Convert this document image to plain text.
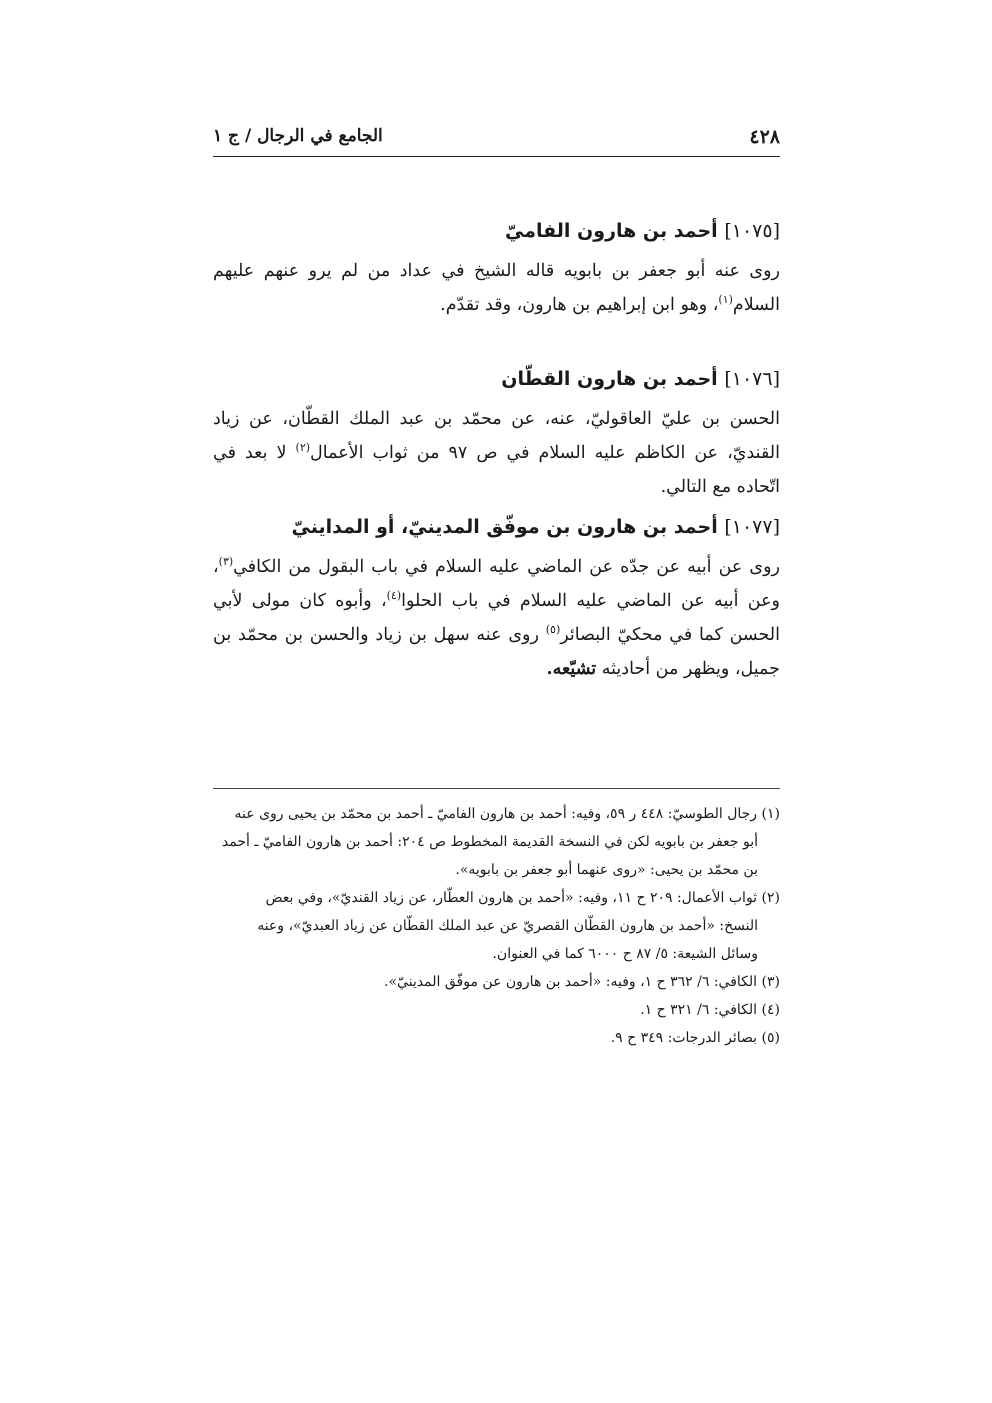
٤٢٨
الجامع في الرجال / ج ١
[١٠٧٥] أحمد بن هارون الفاميّ

روى عنه أبو جعفر بن بابويه قاله الشيخ في عداد من لم يرو عنهم عليهم السلام$^{(١)}$، وهو ابن إبراهيم بن هارون، وقد تقدّم.

[١٠٧٦] أحمد بن هارون القطّان

الحسن بن عليّ العاقوليّ، عنه، عن محمّد بن عبد الملك القطّان، عن زياد القنديّ، عن الكاظم عليه السلام في ص ٩٧ من ثواب الأعمال$^{(٢)}$ لا بعد في اتّحاده مع التالي.

[١٠٧٧] أحمد بن هارون بن موفّق المدينيّ، أو المداينيّ

روى عن أبيه عن جدّه عن الماضي عليه السلام في باب البقول من الكافي$^{(٣)}$، وعن أبيه عن الماضي عليه السلام في باب الحلوا$^{(٤)}$، وأبوه كان مولى لأبي الحسن كما في محكيّ البصائر$^{(٥)}$ روى عنه سهل بن زياد والحسن بن محمّد بن جميل، ويظهر من أحاديثه تشيّعه.

(١) رجال الطوسيّ: ٤٤٨ ر ٥٩، وفيه: أحمد بن هارون الفاميّ ـ أحمد بن محمّد بن يحيى روى عنه
أبو جعفر بن بابويه لكن في النسخة القديمة المخطوط ص ٢٠٤: أحمد بن هارون الفاميّ ـ أحمد
بن محمّد بن يحيى: «روى عنهما أبو جعفر بن بابويه».

(٢) ثواب الأعمال: ٢٠٩ ح ١١، وفيه: «أحمد بن هارون العطّار، عن زياد القنديّ»، وفي بعض
النسخ: «أحمد بن هارون القطّان القصريّ عن عبد الملك القطّان عن زياد العبديّ»، وعنه
وسائل الشيعة: ٥/ ٨٧ ح ٦٠٠٠ كما في العنوان.

(٣) الكافي: ٦/ ٣٦٢ ح ١، وفيه: «أحمد بن هارون عن موفّق المدينيّ».

(٤) الكافي: ٦/ ٣٢١ ح ١.

(٥) بصائر الدرجات: ٣٤٩ ح ٩.
